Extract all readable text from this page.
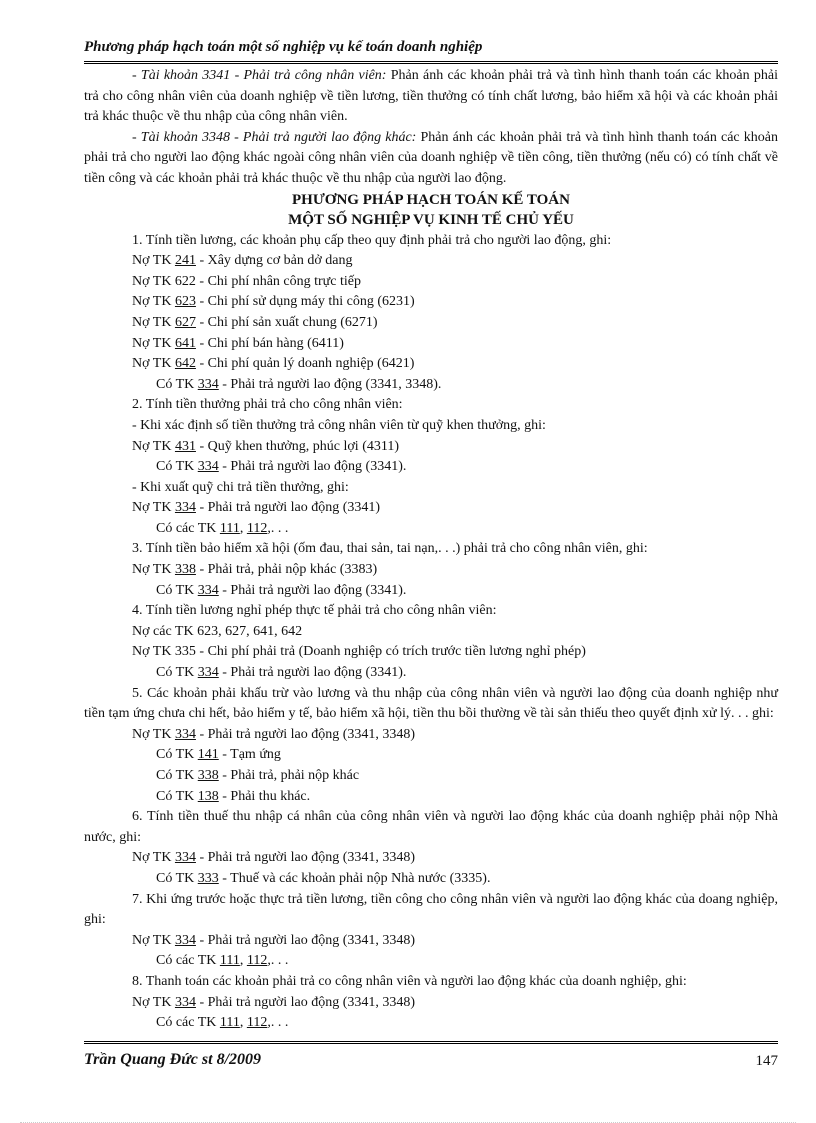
Phương pháp hạch toán một số nghiệp vụ kế toán doanh nghiệp

- Tài khoản 3341 - Phải trả công nhân viên: Phản ánh các khoản phải trả và tình hình thanh toán các khoản phải trả cho công nhân viên của doanh nghiệp về tiền lương, tiền thưởng có tính chất lương, bảo hiểm xã hội và các khoản phải trả khác thuộc về thu nhập của công nhân viên.

- Tài khoản 3348 - Phải trả người lao động khác: Phản ánh các khoản phải trả và tình hình thanh toán các khoản phải trả cho người lao động khác ngoài công nhân viên của doanh nghiệp về tiền công, tiền thưởng (nếu có) có tính chất về tiền công và các khoản phải trả khác thuộc về thu nhập của người lao động.

PHƯƠNG PHÁP HẠCH TOÁN KẾ TOÁN

MỘT SỐ NGHIỆP VỤ KINH TẾ CHỦ YẾU

1. Tính tiền lương, các khoản phụ cấp theo quy định phải trả cho người lao động, ghi:

Nợ TK 241 - Xây dựng cơ bản dở dang

Nợ TK 622 - Chi phí nhân công trực tiếp

Nợ TK 623 - Chi phí sử dụng máy thi công (6231)

Nợ TK 627 - Chi phí sản xuất chung (6271)

Nợ TK 641 - Chi phí bán hàng (6411)

Nợ TK 642 - Chi phí quản lý doanh nghiệp (6421)

Có TK 334 - Phải trả người lao động (3341, 3348).

2. Tính tiền thưởng phải trả cho công nhân viên:

- Khi xác định số tiền thưởng trả công nhân viên từ quỹ khen thưởng, ghi:

Nợ TK 431 - Quỹ khen thưởng, phúc lợi (4311)

Có TK 334 - Phải trả người lao động (3341).

- Khi xuất quỹ chi trả tiền thưởng, ghi:

Nợ TK 334 - Phải trả người lao động (3341)

Có các TK 111, 112,. . .

3. Tính tiền bảo hiểm xã hội (ốm đau, thai sản, tai nạn,. . .) phải trả cho công nhân viên, ghi:

Nợ TK 338 - Phải trả, phải nộp khác (3383)

Có TK 334 - Phải trả người lao động (3341).

4. Tính tiền lương nghỉ phép thực tế phải trả cho công nhân viên:

Nợ các TK 623, 627, 641, 642

Nợ TK 335 - Chi phí phải trả (Doanh nghiệp có trích trước tiền lương nghỉ phép)

Có TK 334 - Phải trả người lao động (3341).

5. Các khoản phải khấu trừ vào lương và thu nhập của công nhân viên và người lao động của doanh nghiệp như tiền tạm ứng chưa chi hết, bảo hiểm y tế, bảo hiểm xã hội, tiền thu bồi thường về tài sản thiếu theo quyết định xử lý. . . ghi:

Nợ TK 334 - Phải trả người lao động (3341, 3348)

Có TK 141 - Tạm ứng

Có TK 338 - Phải trả, phải nộp khác

Có TK 138 - Phải thu khác.

6. Tính tiền thuế thu nhập cá nhân của công nhân viên và người lao động khác của doanh nghiệp phải nộp Nhà nước, ghi:

Nợ TK 334 - Phải trả người lao động (3341, 3348)

Có TK 333 - Thuế và các khoản phải nộp Nhà nước (3335).

7. Khi ứng trước hoặc thực trả tiền lương, tiền công cho công nhân viên và người lao động khác của doang nghiệp, ghi:

Nợ TK 334 - Phải trả người lao động (3341, 3348)

Có các TK 111, 112,. . .

8. Thanh toán các khoản phải trả co công nhân viên và người lao động khác của doanh nghiệp, ghi:

Nợ TK 334 - Phải trả người lao động (3341, 3348)

Có các TK 111, 112,. . .

Trần Quang Đức st 8/2009	147
